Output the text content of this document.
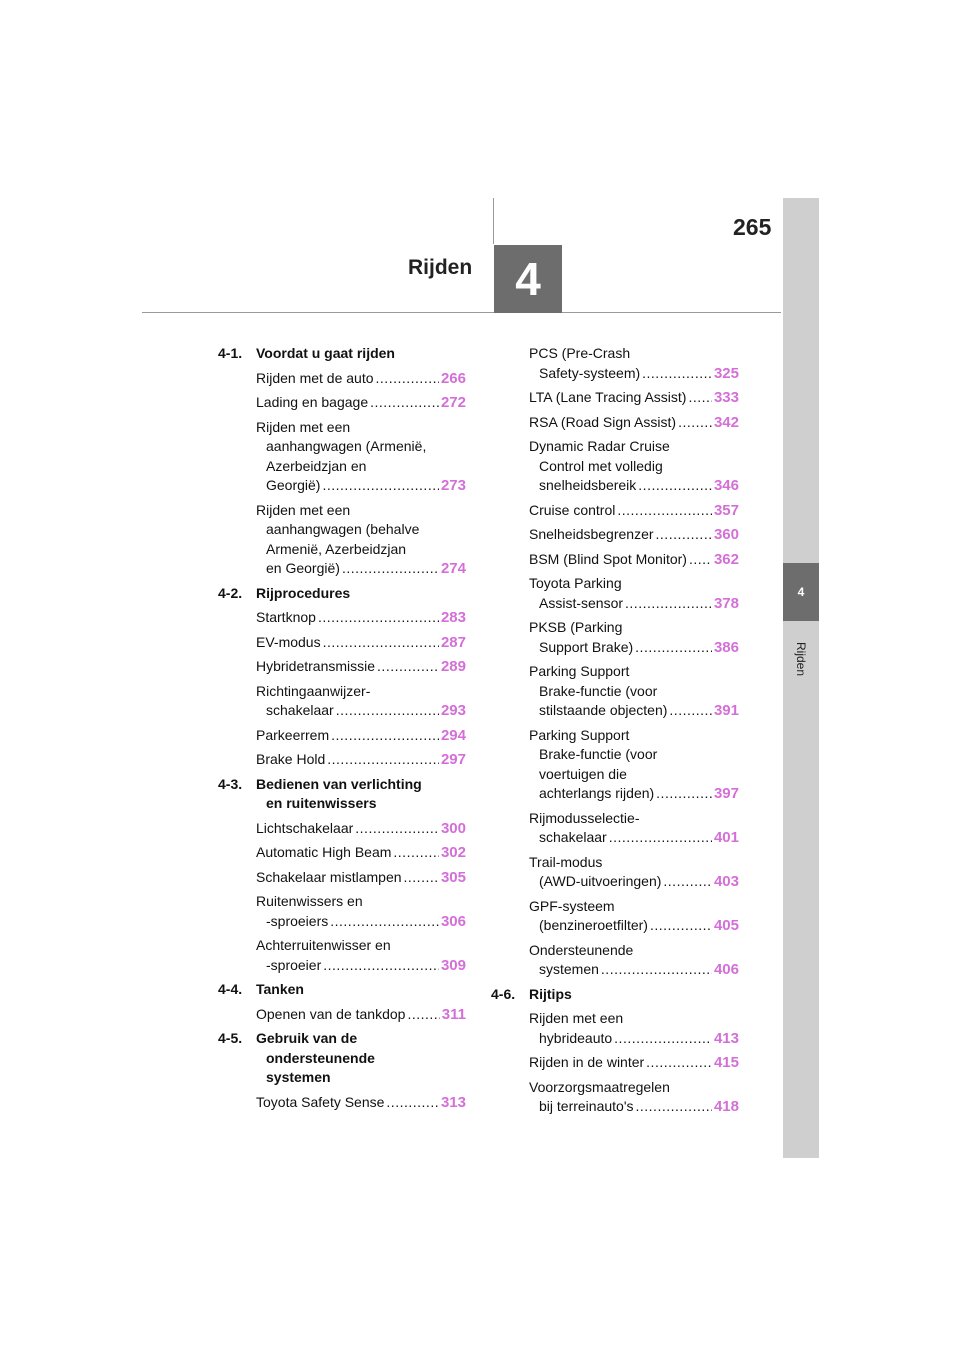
Rijden 4
265
4
Rijden
4-1. Voordat u gaat rijden
Rijden met de auto .....	266
Lading en bagage .....	272
Rijden met een
aanhangwagen (Armenië,
Azerbeidzjan en
Georgië) .....	273
Rijden met een
aanhangwagen (behalve
Armenië, Azerbeidzjan
en Georgië) .....	274
4-2. Rijprocedures
Startknop .....	283
EV-modus .....	287
Hybridetransmissie .....	289
Richtingaanwijzer-
schakelaar .....	293
Parkeerrem .....	294
Brake Hold .....	297
4-3. Bedienen van verlichting
en ruitenwissers
Lichtschakelaar .....	300
Automatic High Beam .....	302
Schakelaar mistlampen .....	305
Ruitenwissers en
-sproeiers .....	306
Achterruitenwisser en
-sproeier .....	309
4-4. Tanken
Openen van de tankdop ..... 311
4-5. Gebruik van de
ondersteunende
systemen
Toyota Safety Sense .....	313
PCS (Pre-Crash
Safety-systeem) .....	325
LTA (Lane Tracing Assist) ..... 333
RSA (Road Sign Assist) .....	342
Dynamic Radar Cruise
Control met volledig
snelheidsbereik .....	346
Cruise control .....	357
Snelheidsbegrenzer .....	360
BSM (Blind Spot Monitor) ..... 362
Toyota Parking
Assist-sensor .....	378
PKSB (Parking
Support Brake) .....	386
Parking Support
Brake-functie (voor
stilstaande objecten) .....	391
Parking Support
Brake-functie (voor
voertuigen die
achterlangs rijden) .....	397
Rijmodusselectie-
schakelaar .....	401
Trail-modus
(AWD-uitvoeringen) .....	403
GPF-systeem
(benzineroetfilter) .....	405
Ondersteunende
systemen .....	406
4-6. Rijtips
Rijden met een
hybrideauto .....	413
Rijden in de winter .....	415
Voorzorgsmaatregelen
bij terreinauto's .....	418
